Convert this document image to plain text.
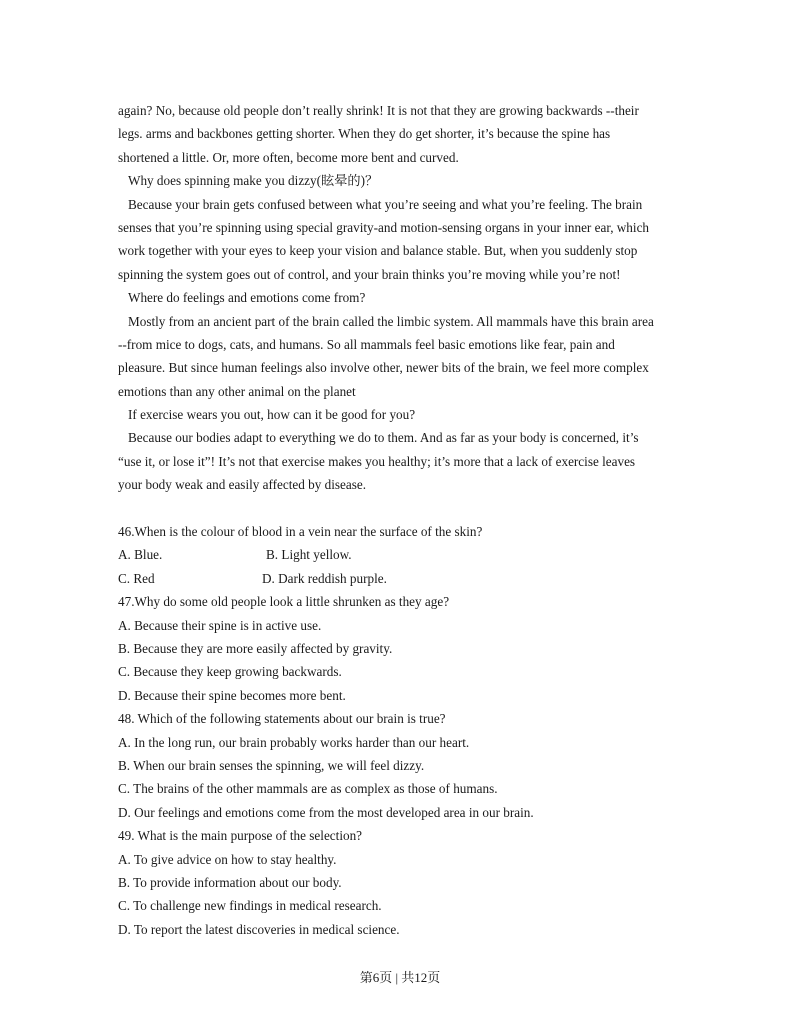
again? No, because old people don’t really shrink! It is not that they are growing backwards --their
legs. arms and backbones getting shorter. When they do get shorter, it’s because the spine has
shortened a little. Or, more often, become more bent and curved.
Why does spinning make you dizzy(眩晕的)？
Because your brain gets confused between what you’re seeing and what you’re feeling. The brain
senses that you’re spinning using special gravity-and motion-sensing organs in your inner ear, which
work together with your eyes to keep your vision and balance stable. But, when you suddenly stop
spinning the system goes out of control, and your brain thinks you’re moving while you’re not!
Where do feelings and emotions come from?
Mostly from an ancient part of the brain called the limbic system. All mammals have this brain area
--from mice to dogs, cats, and humans. So all mammals feel basic emotions like fear, pain and
pleasure. But since human feelings also involve other, newer bits of the brain, we feel more complex
emotions than any other animal on the planet
If exercise wears you out, how can it be good for you?
Because our bodies adapt to everything we do to them. And as far as your body is concerned, it’s
“use it, or lose it”! It’s not that exercise makes you healthy; it’s more that a lack of exercise leaves
your body weak and easily affected by disease.
46.When is the colour of blood in a vein near the surface of the skin?
A. Blue.	B. Light yellow.
C. Red	D. Dark reddish purple.
47.Why do some old people look a little shrunken as they age?
A. Because their spine is in active use.
B. Because they are more easily affected by gravity.
C. Because they keep growing backwards.
D. Because their spine becomes more bent.
48. Which of the following statements about our brain is true?
A. In the long run, our brain probably works harder than our heart.
B. When our brain senses the spinning, we will feel dizzy.
C. The brains of the other mammals are as complex as those of humans.
D. Our feelings and emotions come from the most developed area in our brain.
49. What is the main purpose of the selection?
A. To give advice on how to stay healthy.
B. To provide information about our body.
C. To challenge new findings in medical research.
D. To report the latest discoveries in medical science.
第6页 | 共12页
